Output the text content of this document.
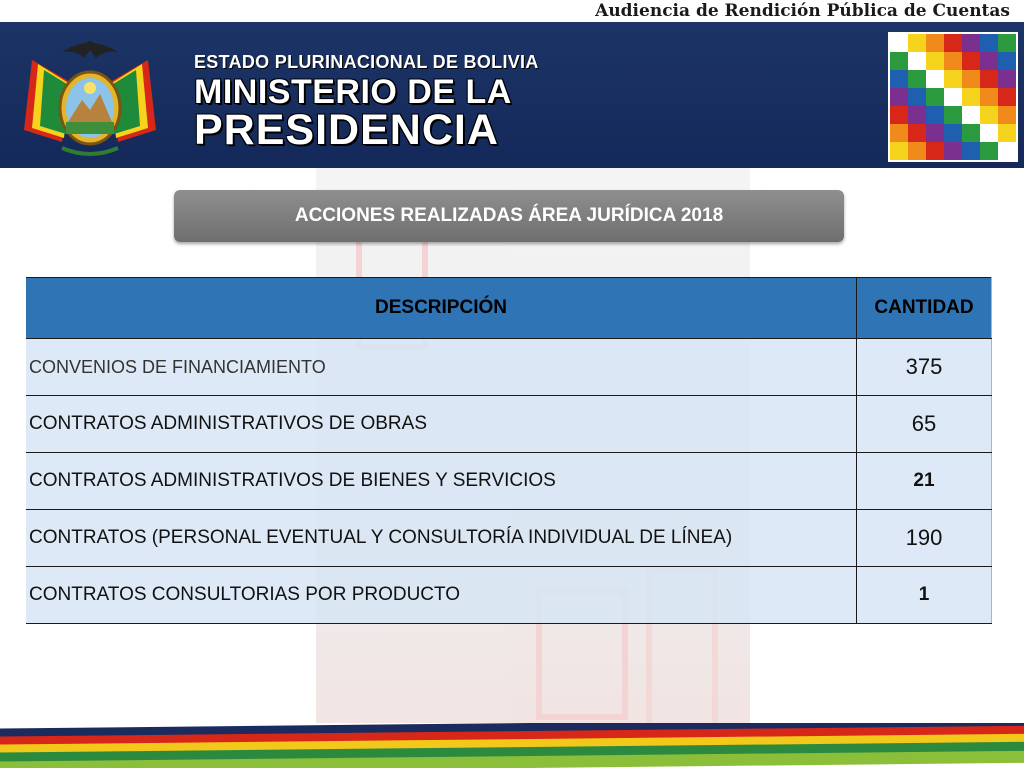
Audiencia de Rendición Pública de Cuentas
ESTADO PLURINACIONAL DE BOLIVIA
MINISTERIO DE LA
PRESIDENCIA
ACCIONES REALIZADAS ÁREA JURÍDICA 2018
DESCRIPCIÓN	CANTIDAD
CONVENIOS DE FINANCIAMIENTO	375
CONTRATOS ADMINISTRATIVOS DE OBRAS	65
CONTRATOS ADMINISTRATIVOS DE BIENES Y SERVICIOS	21
CONTRATOS (PERSONAL EVENTUAL Y CONSULTORÍA INDIVIDUAL DE LÍNEA)	190
CONTRATOS CONSULTORIAS POR PRODUCTO	1
